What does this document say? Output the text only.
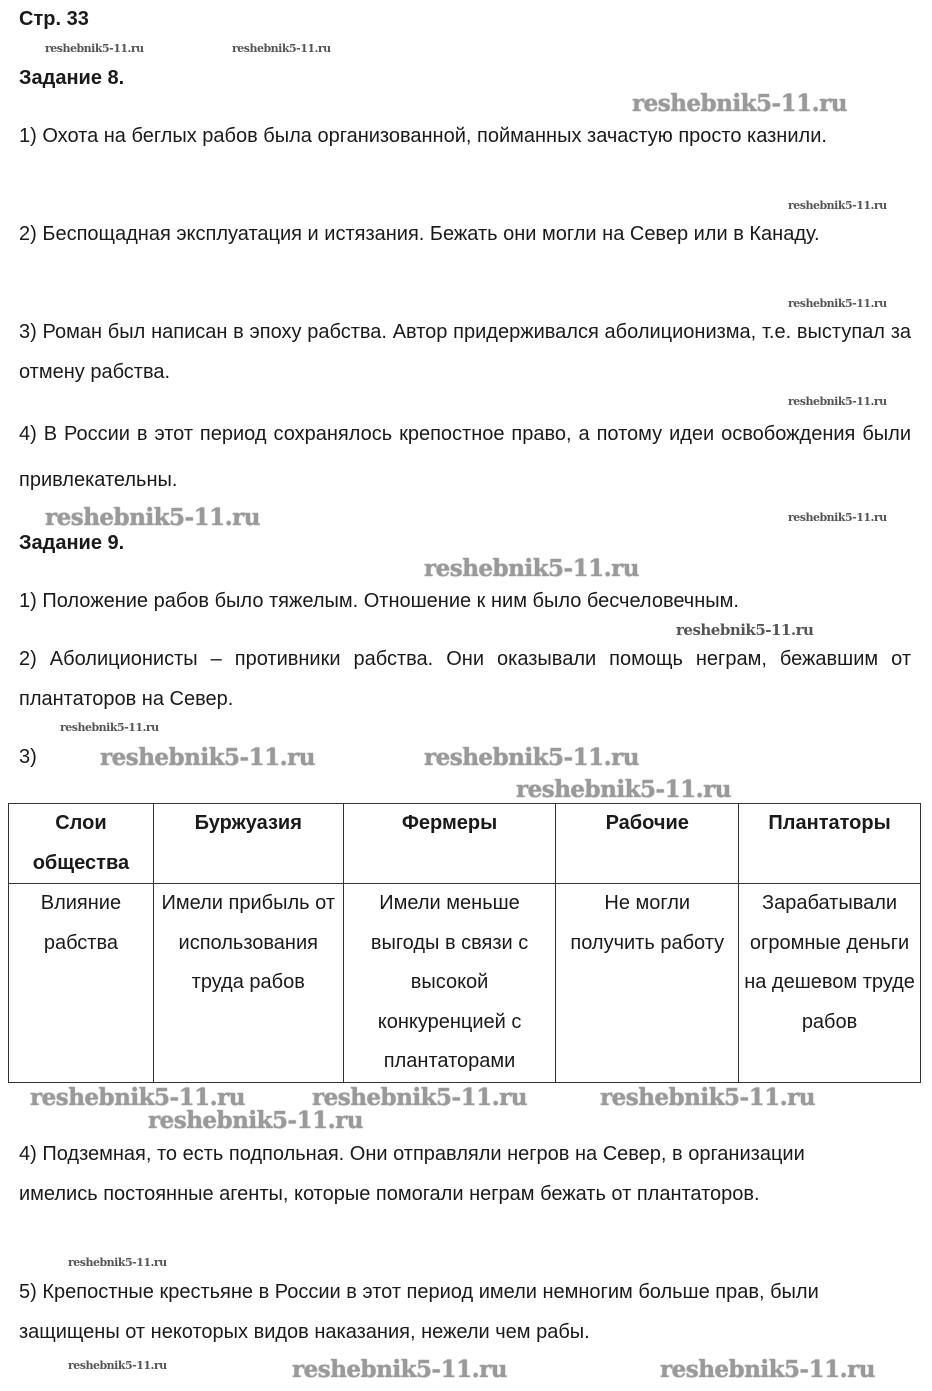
Стр. 33
Задание 8.
1) Охота на беглых рабов была организованной, пойманных зачастую просто казнили.
2) Беспощадная эксплуатация и истязания. Бежать они могли на Север или в Канаду.
3) Роман был написан в эпоху рабства. Автор придерживался аболиционизма, т.е. выступал за отмену рабства.
4) В России в этот период сохранялось крепостное право, а потому идеи освобождения были привлекательны.
Задание 9.
1) Положение рабов было тяжелым. Отношение к ним было бесчеловечным.
2) Аболиционисты – противники рабства. Они оказывали помощь неграм, бежавшим от плантаторов на Север.
3)
Слои общества	Буржуазия	Фермеры	Рабочие	Плантаторы
Влияние рабства	Имели прибыль от использования труда рабов	Имели меньше выгоды в связи с высокой конкуренцией с плантаторами	Не могли получить работу	Зарабатывали огромные деньги на дешевом труде рабов
4) Подземная, то есть подпольная. Они отправляли негров на Север, в организации имелись постоянные агенты, которые помогали неграм бежать от плантаторов.
5) Крепостные крестьяне в России в этот период имели немногим больше прав, были защищены от некоторых видов наказания, нежели чем рабы.
reshebnik5-11.ru	reshebnik5-11.ru
reshebnik5-11.ru
reshebnik5-11.ru
reshebnik5-11.ru
reshebnik5-11.ru
reshebnik5-11.ru	reshebnik5-11.ru
reshebnik5-11.ru
reshebnik5-11.ru
reshebnik5-11.ru
reshebnik5-11.ru	reshebnik5-11.ru
reshebnik5-11.ru
reshebnik5-11.ru	reshebnik5-11.ru	reshebnik5-11.ru
reshebnik5-11.ru
reshebnik5-11.ru
reshebnik5-11.ru	reshebnik5-11.ru
reshebnik5-11.ru
